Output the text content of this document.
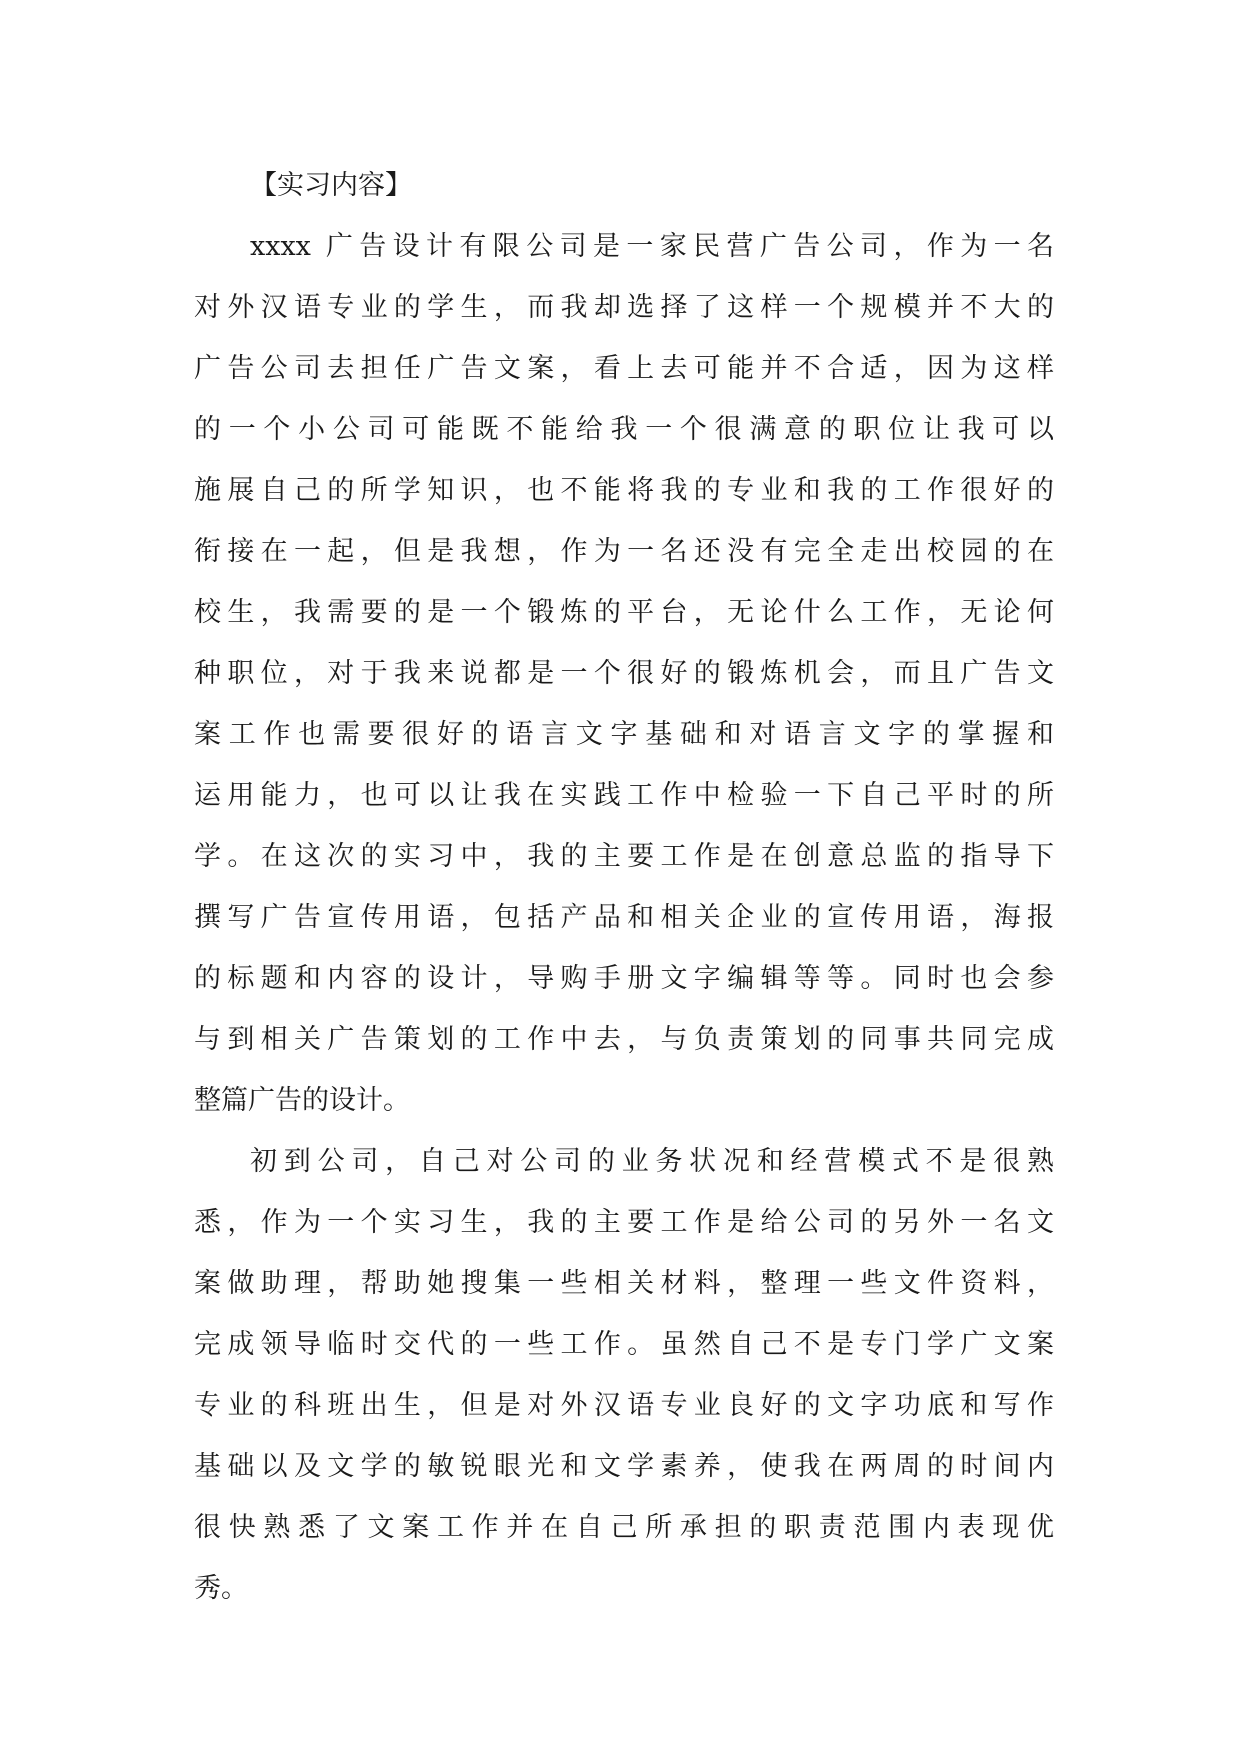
【实习内容】
xxxx 广告设计有限公司是一家民营广告公司，作为一名
对外汉语专业的学生，而我却选择了这样一个规模并不大的
广告公司去担任广告文案，看上去可能并不合适，因为这样
的一个小公司可能既不能给我一个很满意的职位让我可以
施展自己的所学知识，也不能将我的专业和我的工作很好的
衔接在一起，但是我想，作为一名还没有完全走出校园的在
校生，我需要的是一个锻炼的平台，无论什么工作，无论何
种职位，对于我来说都是一个很好的锻炼机会，而且广告文
案工作也需要很好的语言文字基础和对语言文字的掌握和
运用能力，也可以让我在实践工作中检验一下自己平时的所
学。在这次的实习中，我的主要工作是在创意总监的指导下
撰写广告宣传用语，包括产品和相关企业的宣传用语，海报
的标题和内容的设计，导购手册文字编辑等等。同时也会参
与到相关广告策划的工作中去，与负责策划的同事共同完成
整篇广告的设计。
初到公司，自己对公司的业务状况和经营模式不是很熟
悉，作为一个实习生，我的主要工作是给公司的另外一名文
案做助理，帮助她搜集一些相关材料，整理一些文件资料，
完成领导临时交代的一些工作。虽然自己不是专门学广文案
专业的科班出生，但是对外汉语专业良好的文字功底和写作
基础以及文学的敏锐眼光和文学素养，使我在两周的时间内
很快熟悉了文案工作并在自己所承担的职责范围内表现优
秀。
